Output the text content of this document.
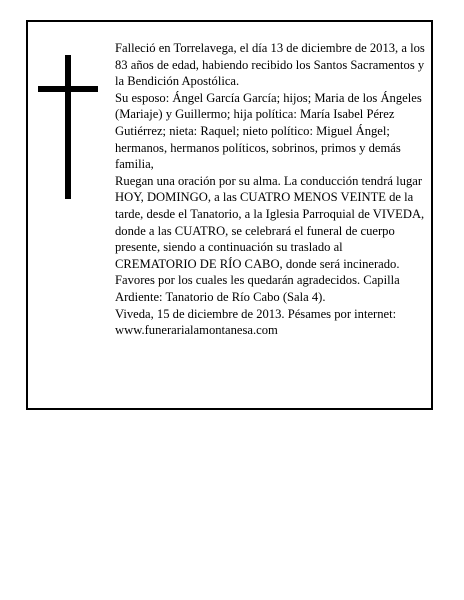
Falleció en Torrelavega, el día 13 de diciembre de 2013, a los 83 años de edad, habiendo recibido los Santos Sacramentos y la Bendición Apostólica.

Su esposo: Ángel García García; hijos; Maria de los Ángeles (Mariaje) y Guillermo; hija política: María Isabel Pérez Gutiérrez; nieta: Raquel; nieto político: Miguel Ángel; hermanos, hermanos políticos, sobrinos, primos y demás familia,

Ruegan una oración por su alma. La conducción tendrá lugar HOY, DOMINGO, a las CUATRO MENOS VEINTE de la tarde, desde el Tanatorio, a la Iglesia Parroquial de VIVEDA, donde a las CUATRO, se celebrará el funeral de cuerpo presente, siendo a continuación su traslado al CREMATORIO DE RÍO CABO, donde será incinerado. Favores por los cuales les quedarán agradecidos. Capilla Ardiente: Tanatorio de Río Cabo (Sala 4).

Viveda, 15 de diciembre de 2013. Pésames por internet: www.funerarialamontanesa.com
